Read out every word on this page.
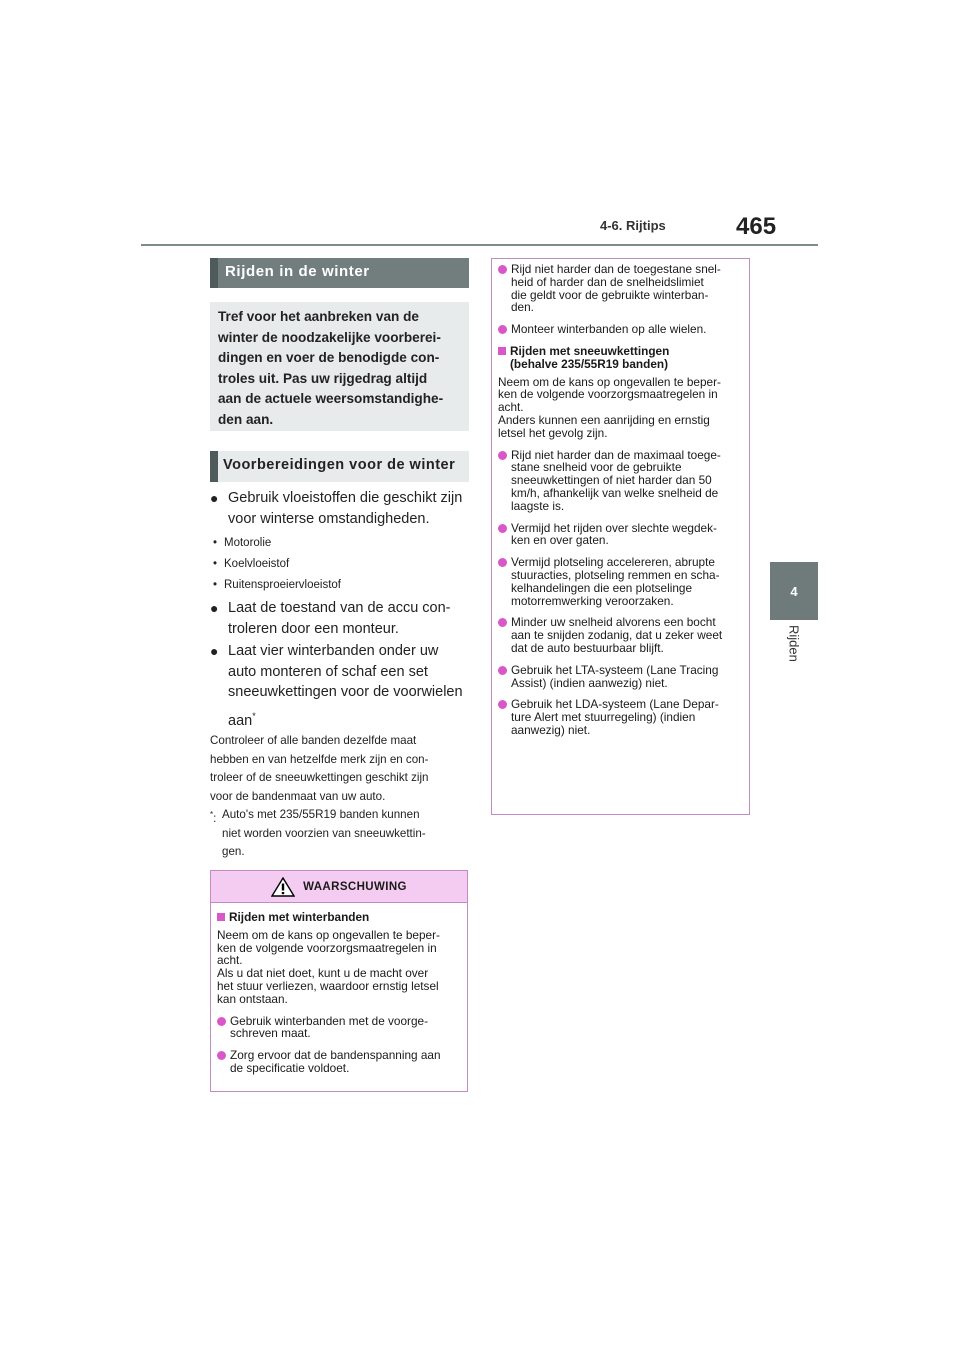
4-6. Rijtips	465
4
Rijden
Rijden in de winter
Tref voor het aanbreken van de
winter de noodzakelijke voorberei-
dingen en voer de benodigde con-
troles uit. Pas uw rijgedrag altijd
aan de actuele weersomstandighe-
den aan.
Voorbereidingen voor de winter
● Gebruik vloeistoffen die geschikt zijn
voor winterse omstandigheden.
• Motorolie
• Koelvloeistof
• Ruitensproeiervloeistof
● Laat de toestand van de accu con-
troleren door een monteur.
● Laat vier winterbanden onder uw
auto monteren of schaf een set
sneeuwkettingen voor de voorwielen
aan*
Controleer of alle banden dezelfde maat
hebben en van hetzelfde merk zijn en con-
troleer of de sneeuwkettingen geschikt zijn
voor de bandenmaat van uw auto.
*: Auto's met 235/55R19 banden kunnen
niet worden voorzien van sneeuwkettin-
gen.
WAARSCHUWING
Rijden met winterbanden
Neem om de kans op ongevallen te beper-
ken de volgende voorzorgsmaatregelen in
acht.
Als u dat niet doet, kunt u de macht over
het stuur verliezen, waardoor ernstig letsel
kan ontstaan.
Gebruik winterbanden met de voorge-
schreven maat.
Zorg ervoor dat de bandenspanning aan
de specificatie voldoet.
Rijd niet harder dan de toegestane snel-
heid of harder dan de snelheidslimiet
die geldt voor de gebruikte winterban-
den.
Monteer winterbanden op alle wielen.
Rijden met sneeuwkettingen
(behalve 235/55R19 banden)
Neem om de kans op ongevallen te beper-
ken de volgende voorzorgsmaatregelen in
acht.
Anders kunnen een aanrijding en ernstig
letsel het gevolg zijn.
Rijd niet harder dan de maximaal toege-
stane snelheid voor de gebruikte
sneeuwkettingen of niet harder dan 50
km/h, afhankelijk van welke snelheid de
laagste is.
Vermijd het rijden over slechte wegdek-
ken en over gaten.
Vermijd plotseling accelereren, abrupte
stuuracties, plotseling remmen en scha-
kelhandelingen die een plotselinge
motorremwerking veroorzaken.
Minder uw snelheid alvorens een bocht
aan te snijden zodanig, dat u zeker weet
dat de auto bestuurbaar blijft.
Gebruik het LTA-systeem (Lane Tracing
Assist) (indien aanwezig) niet.
Gebruik het LDA-systeem (Lane Depar-
ture Alert met stuurregeling) (indien
aanwezig) niet.
